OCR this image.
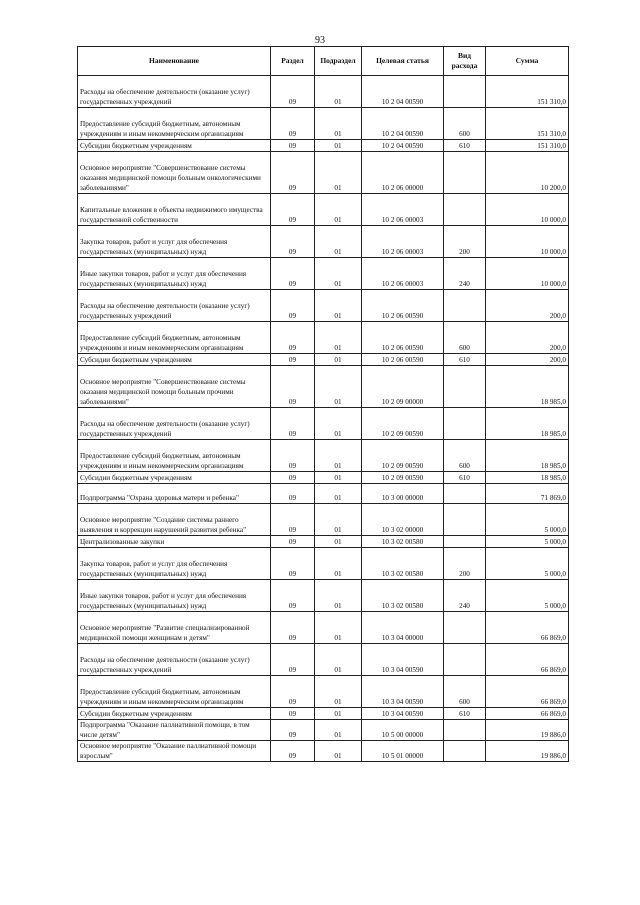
93
Наименование	Раздел	Подраздел	Целевая статья	Вид расхода	Сумма
Расходы на обеспечение деятельности (оказание услуг) государственных учреждений	09	01	10 2 04 00590		151 310,0
Предоставление субсидий бюджетным, автономным учреждениям и иным некоммерческим организациям	09	01	10 2 04 00590	600	151 310,0
Субсидии бюджетным учреждениям	09	01	10 2 04 00590	610	151 310,0
Основное мероприятие "Совершенствование системы оказания медицинской помощи больным онкологическими заболеваниями"	09	01	10 2 06 00000		10 200,0
Капитальные вложения в объекты недвижимого имущества государственной собственности	09	01	10 2 06 00003		10 000,0
Закупка товаров, работ и услуг для обеспечения государственных (муниципальных) нужд	09	01	10 2 06 00003	200	10 000,0
Иные закупки товаров, работ и услуг для обеспечения государственных (муниципальных) нужд	09	01	10 2 06 00003	240	10 000,0
Расходы на обеспечение деятельности (оказание услуг) государственных учреждений	09	01	10 2 06 00590		200,0
Предоставление субсидий бюджетным, автономным учреждениям и иным некоммерческим организациям	09	01	10 2 06 00590	600	200,0
Субсидии бюджетным учреждениям	09	01	10 2 06 00590	610	200,0
Основное мероприятие "Совершенствование системы оказания медицинской помощи больным прочими заболеваниями"	09	01	10 2 09 00000		18 985,0
Расходы на обеспечение деятельности (оказание услуг) государственных учреждений	09	01	10 2 09 00590		18 985,0
Предоставление субсидий бюджетным, автономным учреждениям и иным некоммерческим организациям	09	01	10 2 09 00590	600	18 985,0
Субсидии бюджетным учреждениям	09	01	10 2 09 00590	610	18 985,0
Подпрограмма "Охрана здоровья матери и ребенка"	09	01	10 3 00 00000		71 869,0
Основное мероприятие "Создание системы раннего выявления и коррекции нарушений развития ребенка"	09	01	10 3 02 00000		5 000,0
Централизованные закупки	09	01	10 3 02 00580		5 000,0
Закупка товаров, работ и услуг для обеспечения государственных (муниципальных) нужд	09	01	10 3 02 00580	200	5 000,0
Иные закупки товаров, работ и услуг для обеспечения государственных (муниципальных) нужд	09	01	10 3 02 00580	240	5 000,0
Основное мероприятие "Развитие специализированной медицинской помощи женщинам и детям"	09	01	10 3 04 00000		66 869,0
Расходы на обеспечение деятельности (оказание услуг) государственных учреждений	09	01	10 3 04 00590		66 869,0
Предоставление субсидий бюджетным, автономным учреждениям и иным некоммерческим организациям	09	01	10 3 04 00590	600	66 869,0
Субсидии бюджетным учреждениям	09	01	10 3 04 00590	610	66 869,0
Подпрограмма "Оказание паллиативной помощи, в том числе детям"	09	01	10 5 00 00000		19 886,0
Основное мероприятие "Оказание паллиативной помощи взрослым"	09	01	10 5 01 00000		19 886,0
